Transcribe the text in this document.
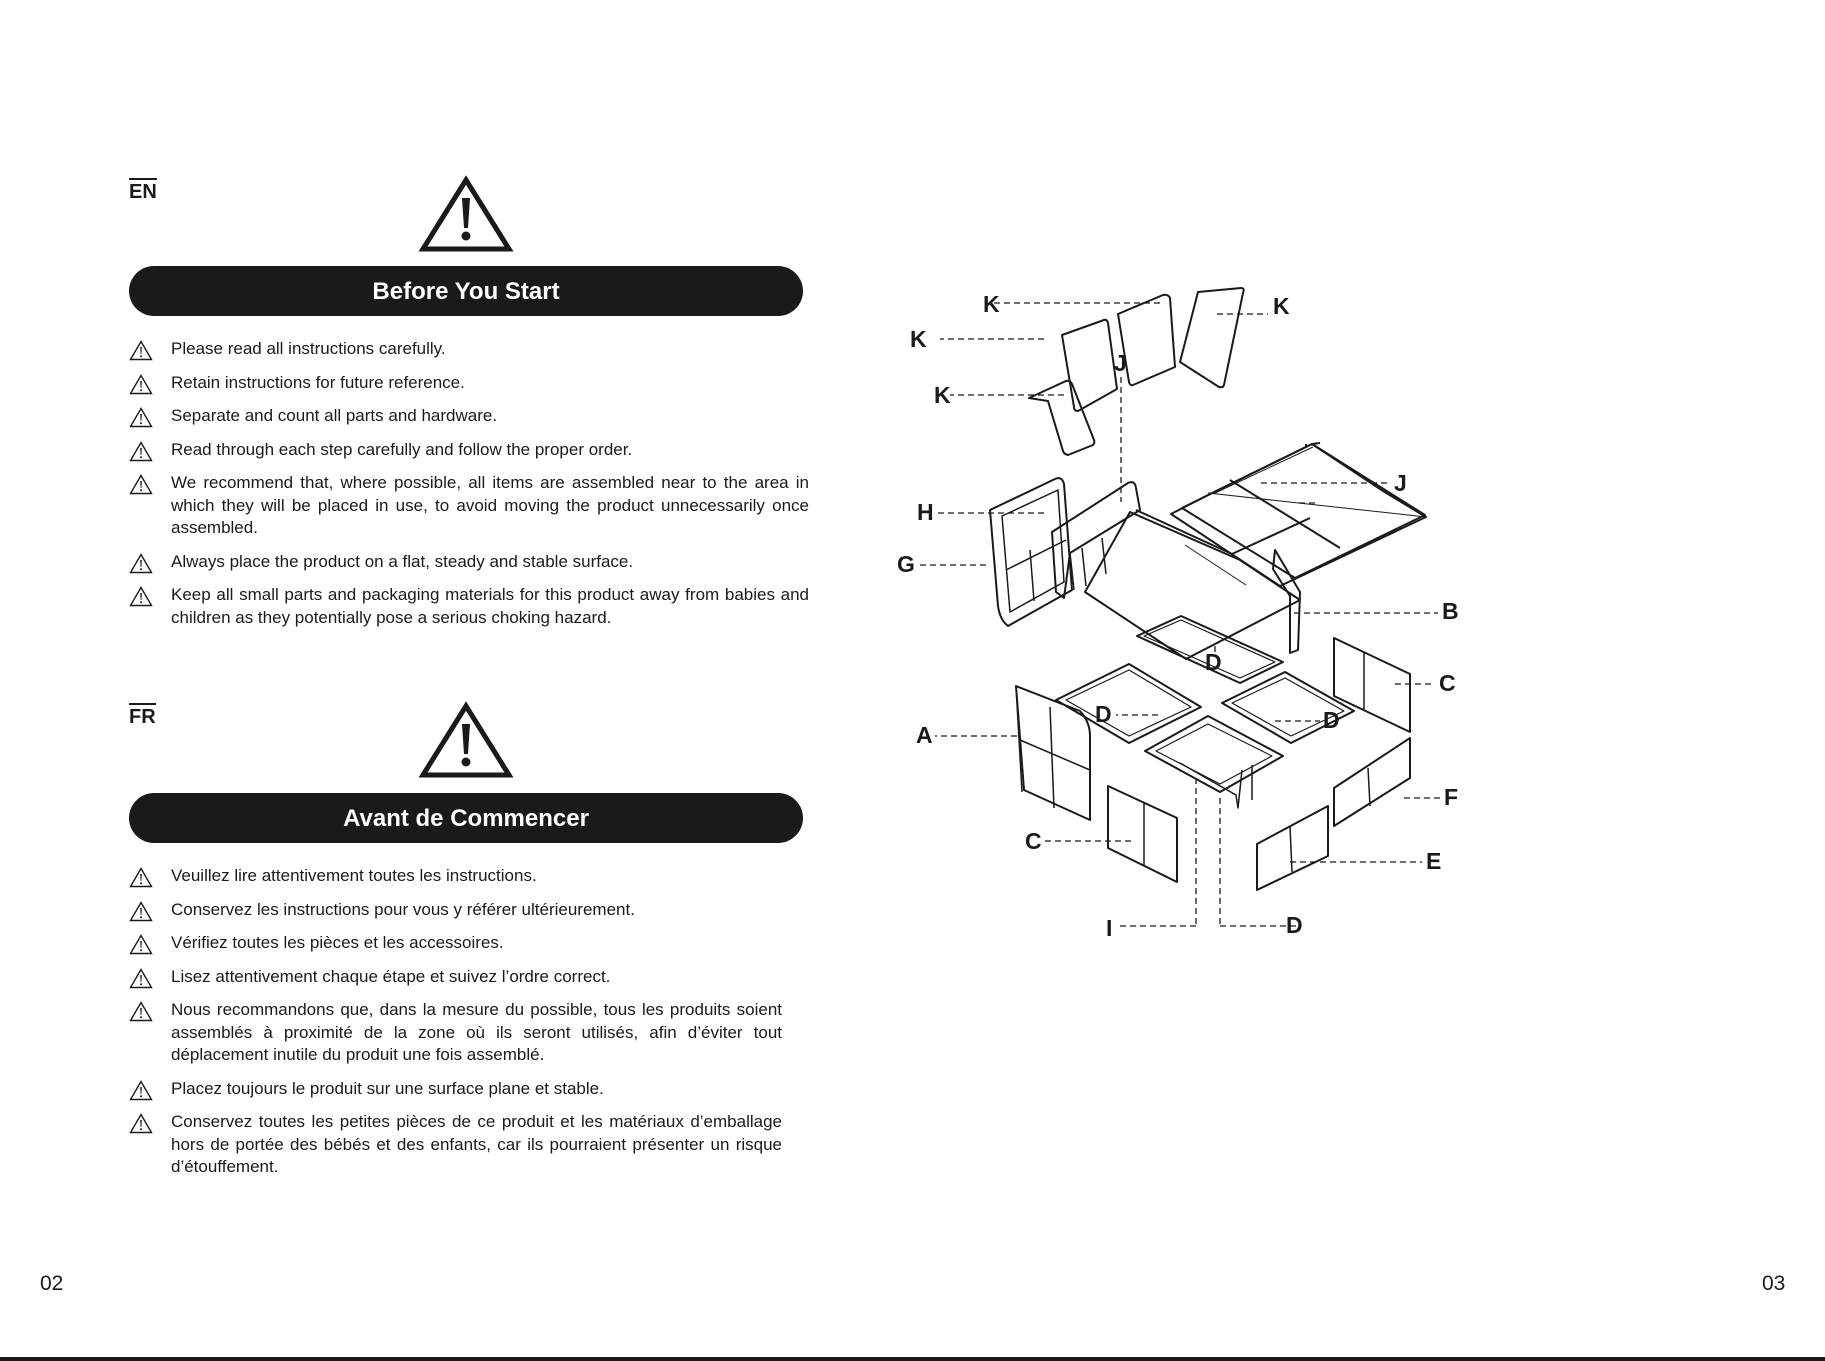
EN
Before You Start
Please read all instructions carefully.
Retain instructions for future reference.
Separate and count all parts and hardware.
Read through each step carefully and follow the proper order.
We recommend that, where possible, all items are assembled near to the area in which they will be placed in use, to avoid moving the product unnecessarily once assembled.
Always place the product on a flat, steady and stable surface.
Keep all small parts and packaging materials for this product away from babies and children as they potentially pose a serious choking hazard.
FR
Avant de Commencer
Veuillez lire attentivement toutes les instructions.
Conservez les instructions pour vous y référer ultérieurement.
Vérifiez toutes les pièces et les accessoires.
Lisez attentivement chaque étape et suivez l’ordre correct.
Nous recommandons que, dans la mesure du possible, tous les produits soient assemblés à proximité de la zone où ils seront utilisés, afin d’éviter tout déplacement inutile du produit une fois assemblé.
Placez toujours le produit sur une surface plane et stable.
Conservez toutes les petites pièces de ce produit et les matériaux d’emballage hors de portée des bébés et des enfants, car ils pourraient présenter un risque d’étouffement.
02	03
K	K
K
K
J
J
H
G
B
C
D
D	D
A
C
F
E
D
I
